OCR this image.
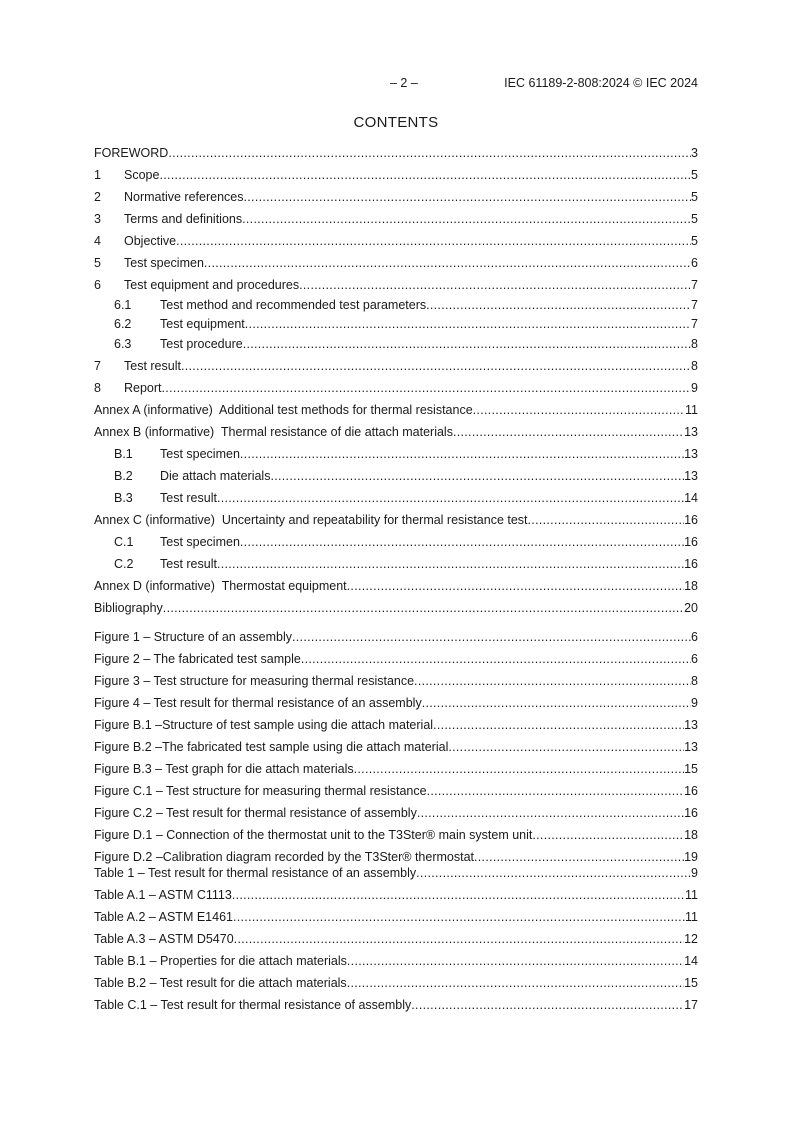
– 2 –	IEC 61189-2-808:2024 © IEC 2024
CONTENTS
FOREWORD .....	3
1	Scope .....	5
2	Normative references .....	5
3	Terms and definitions .....	5
4	Objective .....	5
5	Test specimen .....	6
6	Test equipment and procedures .....	7
6.1	Test method and recommended test parameters .....	7
6.2	Test equipment .....	7
6.3	Test procedure .....	8
7	Test result .....	8
8	Report .....	9
Annex A (informative)  Additional test methods for thermal resistance .....	11
Annex B (informative)  Thermal resistance of die attach materials .....	13
B.1	Test specimen .....	13
B.2	Die attach materials .....	13
B.3	Test result .....	14
Annex C (informative)  Uncertainty and repeatability for thermal resistance test .....	16
C.1	Test specimen .....	16
C.2	Test result .....	16
Annex D (informative)  Thermostat equipment .....	18
Bibliography .....	20
Figure 1 – Structure of an assembly .....	6
Figure 2 – The fabricated test sample .....	6
Figure 3 – Test structure for measuring thermal resistance .....	8
Figure 4 – Test result for thermal resistance of an assembly .....	9
Figure B.1 –Structure of test sample using die attach material .....	13
Figure B.2 –The fabricated test sample using die attach material .....	13
Figure B.3 – Test graph for die attach materials .....	15
Figure C.1 – Test structure for measuring thermal resistance .....	16
Figure C.2 – Test result for thermal resistance of assembly .....	16
Figure D.1 – Connection of the thermostat unit to the T3Ster® main system unit .....	18
Figure D.2 –Calibration diagram recorded by the T3Ster® thermostat .....	19
Table 1 – Test result for thermal resistance of an assembly .....	9
Table A.1 – ASTM C1113 .....	11
Table A.2 – ASTM E1461 .....	11
Table A.3 – ASTM D5470 .....	12
Table B.1 – Properties for die attach materials .....	14
Table B.2 – Test result for die attach materials .....	15
Table C.1 – Test result for thermal resistance of assembly .....	17
